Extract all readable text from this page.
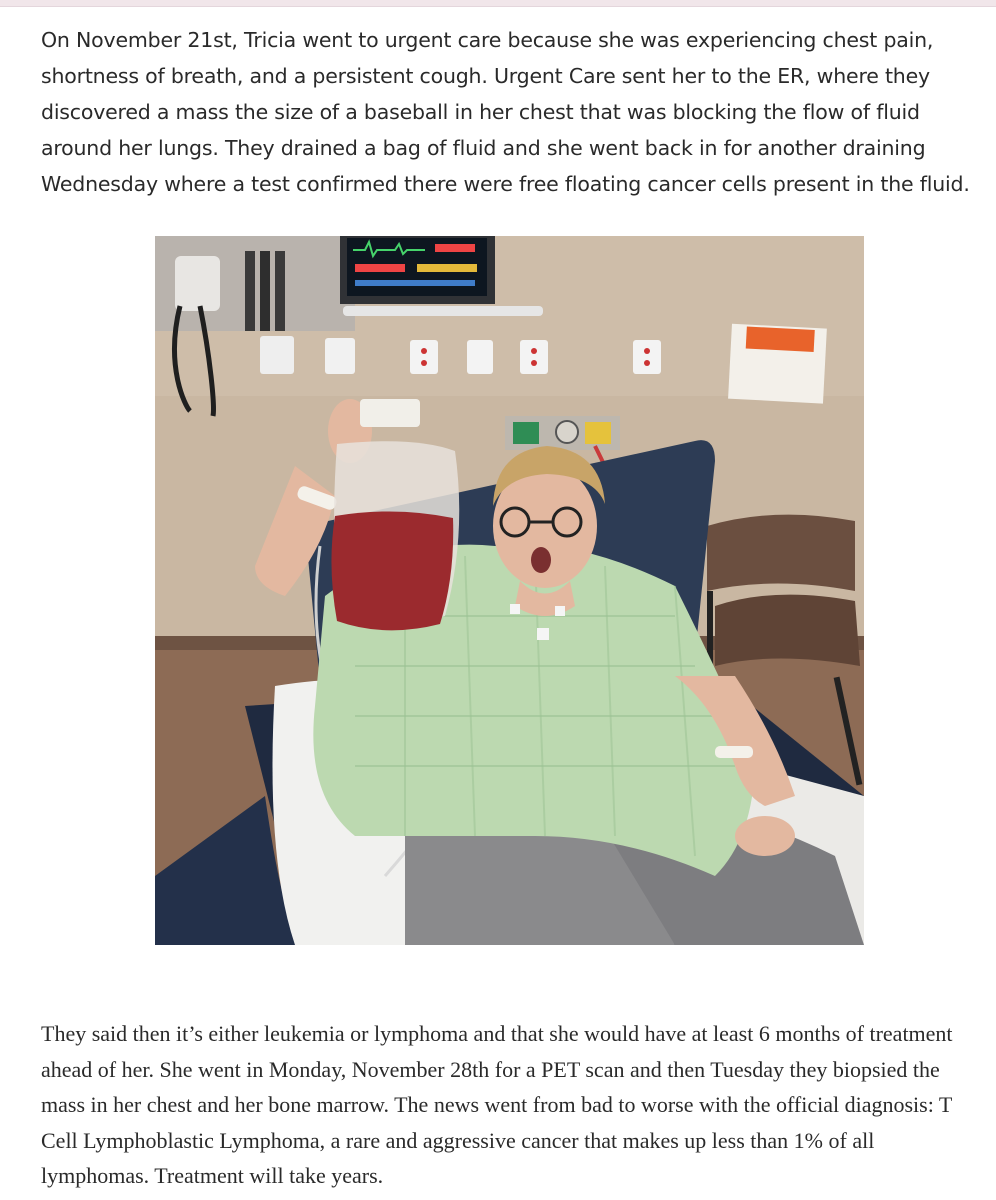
On November 21st, Tricia went to urgent care because she was experiencing chest pain, shortness of breath, and a persistent cough. Urgent Care sent her to the ER, where they discovered a mass the size of a baseball in her chest that was blocking the flow of fluid around her lungs. They drained a bag of fluid and she went back in for another draining Wednesday where a test confirmed there were free floating cancer cells present in the fluid.

They said then it’s either leukemia or lymphoma and that she would have at least 6 months of treatment ahead of her. She went in Monday, November 28th for a PET scan and then Tuesday they biopsied the mass in her chest and her bone marrow. The news went from bad to worse with the official diagnosis: T Cell Lymphoblastic Lymphoma, a rare and aggressive cancer that makes up less than 1% of all lymphomas. Treatment will take years.
